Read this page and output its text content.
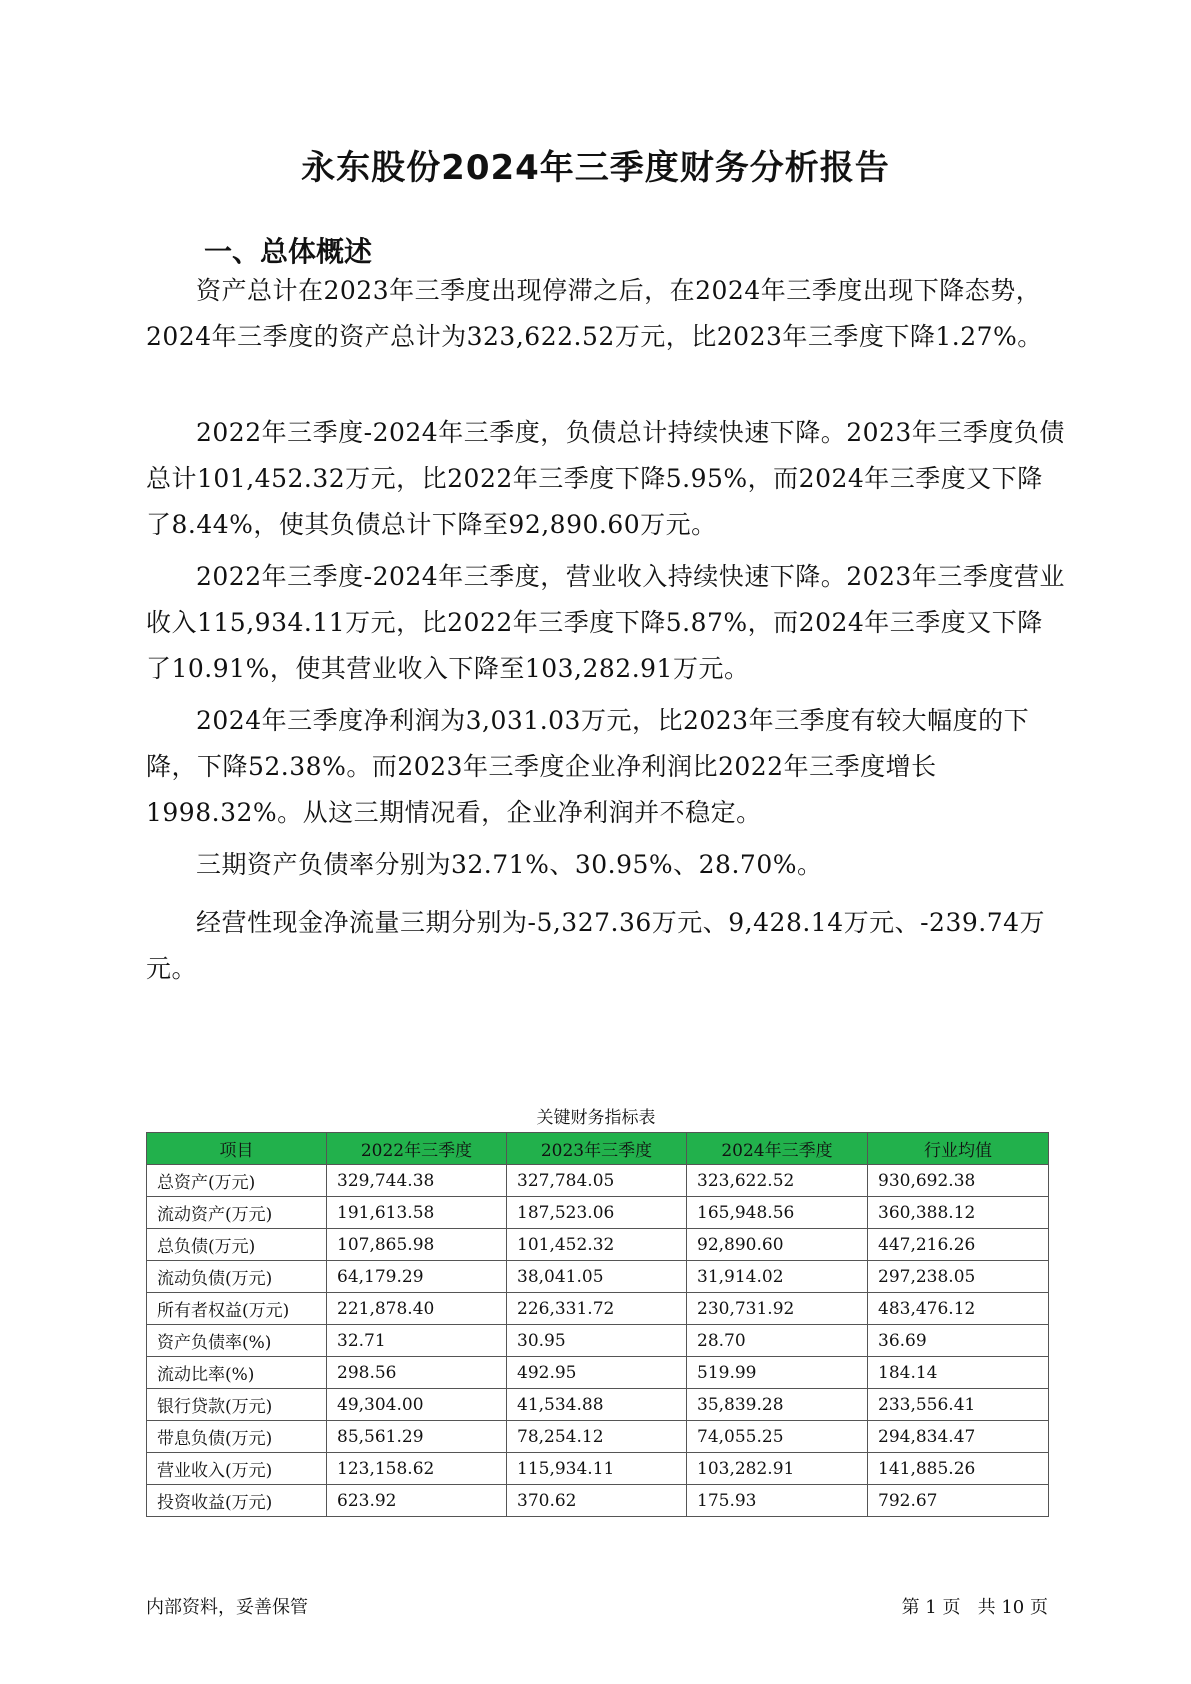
永东股份2024年三季度财务分析报告
一、总体概述

资产总计在2023年三季度出现停滞之后，在2024年三季度出现下降态势，2024年三季度的资产总计为323,622.52万元，比2023年三季度下降1.27%。

2022年三季度-2024年三季度，负债总计持续快速下降。2023年三季度负债总计101,452.32万元，比2022年三季度下降5.95%，而2024年三季度又下降了8.44%，使其负债总计下降至92,890.60万元。

2022年三季度-2024年三季度，营业收入持续快速下降。2023年三季度营业收入115,934.11万元，比2022年三季度下降5.87%，而2024年三季度又下降了10.91%，使其营业收入下降至103,282.91万元。

2024年三季度净利润为3,031.03万元，比2023年三季度有较大幅度的下降，下降52.38%。而2023年三季度企业净利润比2022年三季度增长1998.32%。从这三期情况看，企业净利润并不稳定。

三期资产负债率分别为32.71%、30.95%、28.70%。

经营性现金净流量三期分别为-5,327.36万元、9,428.14万元、-239.74万元。

关键财务指标表

项目	2022年三季度	2023年三季度	2024年三季度	行业均值
总资产(万元)	329,744.38	327,784.05	323,622.52	930,692.38
流动资产(万元)	191,613.58	187,523.06	165,948.56	360,388.12
总负债(万元)	107,865.98	101,452.32	92,890.60	447,216.26
流动负债(万元)	64,179.29	38,041.05	31,914.02	297,238.05
所有者权益(万元)	221,878.40	226,331.72	230,731.92	483,476.12
资产负债率(%)	32.71	30.95	28.70	36.69
流动比率(%)	298.56	492.95	519.99	184.14
银行贷款(万元)	49,304.00	41,534.88	35,839.28	233,556.41
带息负债(万元)	85,561.29	78,254.12	74,055.25	294,834.47
营业收入(万元)	123,158.62	115,934.11	103,282.91	141,885.26
投资收益(万元)	623.92	370.62	175.93	792.67

内部资料，妥善保管	第 1 页   共 10 页
